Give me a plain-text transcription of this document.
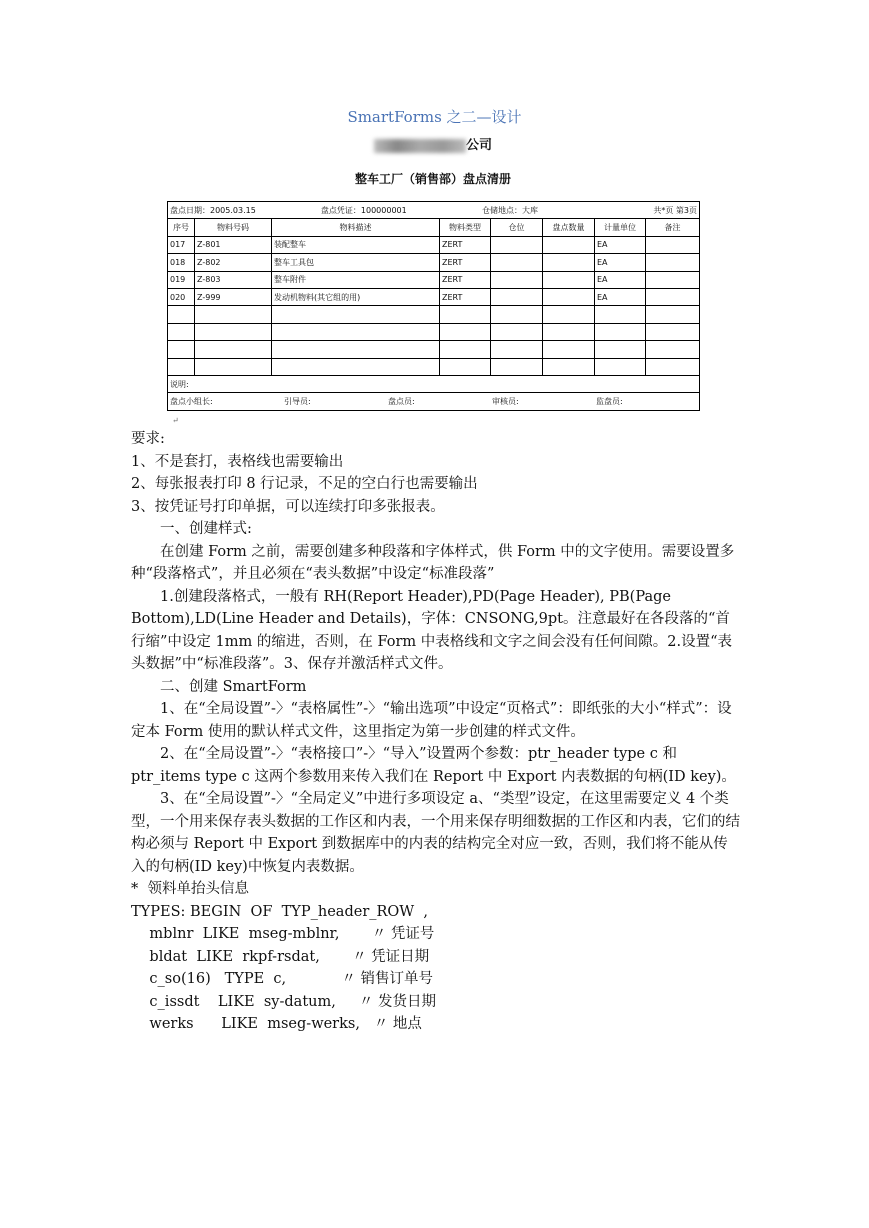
SmartForms 之二—设计
公司
整车工厂（销售部）盘点清册
盘点日期：2005.03.15 盘点凭证：100000001			仓储地点：大库 共*页 第3页				

序号	物料号码	物料描述	物料类型	仓位	盘点数量	计量单位	备注
017	Z-801	装配整车	ZERT			EA	
018	Z-802	整车工具包	ZERT			EA	
019	Z-803	整车附件	ZERT			EA	
020	Z-999	发动机物料(其它组的用)	ZERT			EA	

说明:							
盘点小组长: 引导员: 盘点员: 审核员: 监盘员:							
↵

要求:

1、不是套打，表格线也需要输出

2、每张报表打印 8 行记录，不足的空白行也需要输出

3、按凭证号打印单据，可以连续打印多张报表。

一、创建样式:

在创建 Form 之前，需要创建多种段落和字体样式，供 Form 中的文字使用。需要设置多种“段落格式”，并且必须在“表头数据”中设定“标准段落”

1.创建段落格式，一般有 RH(Report Header),PD(Page Header), PB(Page Bottom),LD(Line Header and Details)，字体：CNSONG,9pt。注意最好在各段落的“首行缩”中设定 1mm 的缩进，否则，在 Form 中表格线和文字之间会没有任何间隙。2.设置“表头数据”中“标准段落”。3、保存并激活样式文件。

二、创建 SmartForm

1、在“全局设置”-〉“表格属性”-〉“输出选项”中设定“页格式”：即纸张的大小“样式”：设定本 Form 使用的默认样式文件，这里指定为第一步创建的样式文件。

2、在“全局设置”-〉“表格接口”-〉“导入”设置两个参数：ptr_header type c 和 ptr_items type c 这两个参数用来传入我们在 Report 中 Export 内表数据的句柄(ID key)。

3、在“全局设置”-〉“全局定义”中进行多项设定 a、“类型”设定，在这里需要定义 4 个类型，一个用来保存表头数据的工作区和内表，一个用来保存明细数据的工作区和内表，它们的结构必须与 Report 中 Export 到数据库中的内表的结构完全对应一致，否则，我们将不能从传入的句柄(ID key)中恢复内表数据。

*  领料单抬头信息

TYPES: BEGIN  OF  TYP_header_ROW  ,

mblnr  LIKE  mseg-mblnr,       〃 凭证号

bldat  LIKE  rkpf-rsdat,       〃 凭证日期

c_so(16)   TYPE  c,            〃 销售订单号

c_issdt    LIKE  sy-datum,     〃 发货日期

werks      LIKE  mseg-werks,   〃 地点
